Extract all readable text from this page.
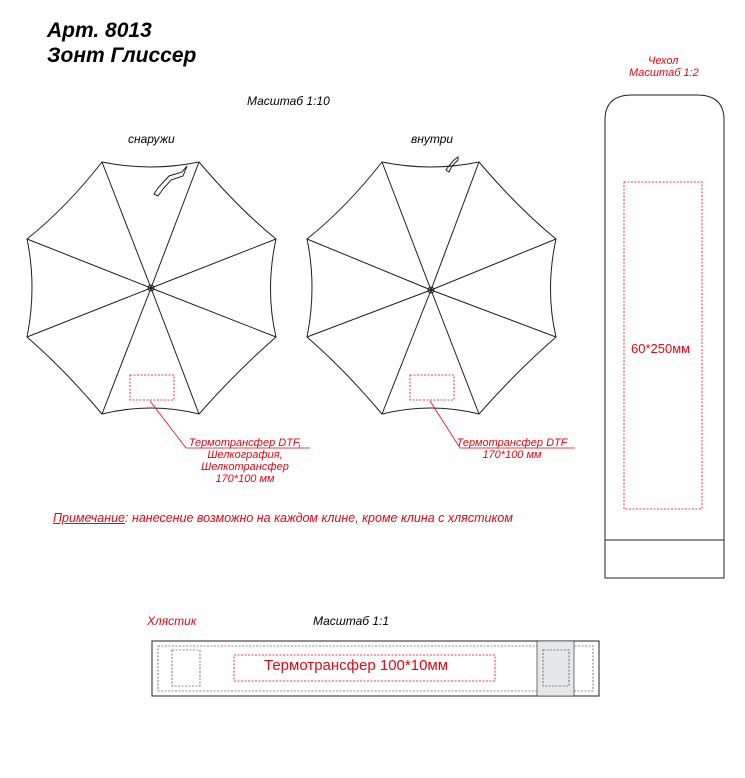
Арт. 8013
Зонт Глиссер
Масштаб 1:10
снаружи	внутри
Термотрансфер DTF,
Шелкография,
Шелкотрансфер
170*100 мм
Термотрансфер DTF
170*100 мм
Примечание: нанесение возможно на каждом клине, кроме клина с хлястиком
Чехол
Масштаб 1:2
60*250мм
Хлястик	Масштаб 1:1
Термотрансфер 100*10мм
